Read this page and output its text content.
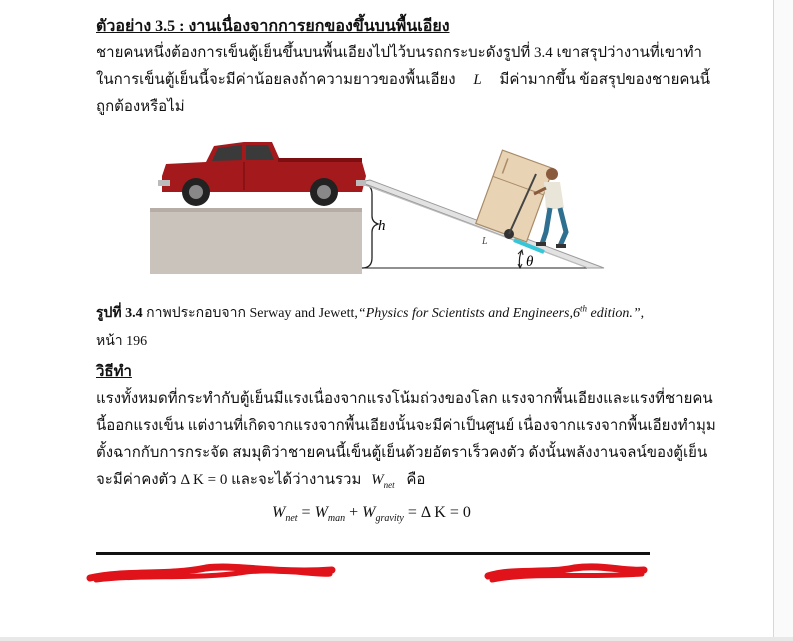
ตัวอย่าง 3.5 : งานเนื่องจากการยกของขึ้นบนพื้นเอียง
ชายคนหนึ่งต้องการเข็นตู้เย็นขึ้นบนพื้นเอียงไปไว้บนรถกระบะดังรูปที่ 3.4 เขาสรุปว่างานที่เขาทำ
ในการเข็นตู้เย็นนี้จะมีค่าน้อยลงถ้าความยาวของพื้นเอียง L มีค่ามากขึ้น ข้อสรุปของชายคนนี้
ถูกต้องหรือไม่
h
L
θ
รูปที่ 3.4 กาพประกอบจาก Serway and Jewett,“Physics for Scientists and Engineers,6th edition.”,
หน้า 196
วิธีทำ
แรงทั้งหมดที่กระทำกับตู้เย็นมีแรงเนื่องจากแรงโน้มถ่วงของโลก แรงจากพื้นเอียงและแรงที่ชายคน
นี้ออกแรงเข็น แต่งานที่เกิดจากแรงจากพื้นเอียงนั้นจะมีค่าเป็นศูนย์ เนื่องจากแรงจากพื้นเอียงทำมุม
ตั้งฉากกับการกระจัด สมมุติว่าชายคนนี้เข็นตู้เย็นด้วยอัตราเร็วคงตัว ดังนั้นพลังงานจลน์ของตู้เย็น
จะมีค่าคงตัว Δ K = 0 และจะได้ว่างานรวม $W_{net}$ คือ
$W_{net} = W_{man} + W_{gravity} = \Delta$ K = 0
